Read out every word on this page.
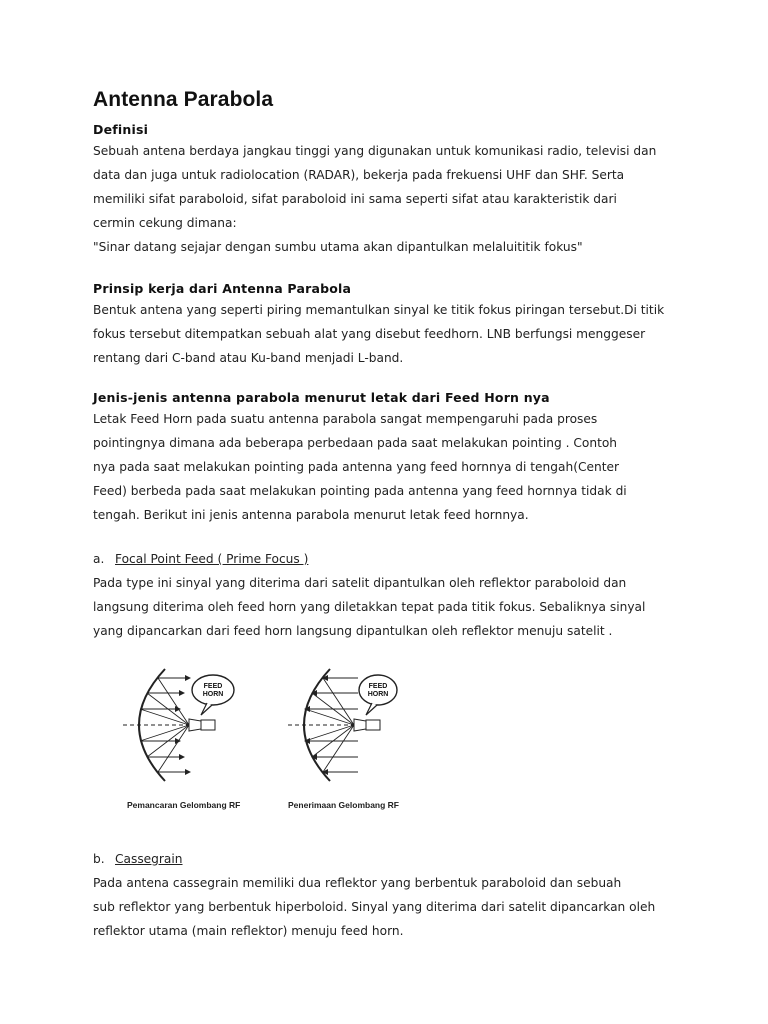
Antenna Parabola
Definisi

Sebuah antena berdaya jangkau tinggi yang digunakan untuk komunikasi radio, televisi dan

data dan juga untuk radiolocation (RADAR), bekerja pada frekuensi UHF dan SHF. Serta

memiliki sifat paraboloid, sifat paraboloid ini sama seperti sifat atau karakteristik dari

cermin cekung dimana:

"Sinar datang sejajar dengan sumbu utama akan dipantulkan melaluititik fokus"

Prinsip kerja dari Antenna Parabola

Bentuk antena yang seperti piring memantulkan sinyal ke titik fokus piringan tersebut.Di titik

fokus tersebut ditempatkan sebuah alat yang disebut feedhorn. LNB berfungsi menggeser

rentang dari C-band atau Ku-band menjadi L-band.

Jenis-jenis antenna parabola menurut letak dari Feed Horn nya

Letak Feed Horn pada suatu antenna parabola sangat mempengaruhi pada proses

pointingnya dimana ada beberapa perbedaan pada saat melakukan pointing . Contoh

nya pada saat melakukan pointing pada antenna yang feed hornnya di tengah(Center

Feed) berbeda pada saat melakukan pointing pada antenna yang feed hornnya tidak di

tengah. Berikut ini jenis antenna parabola menurut letak feed hornnya.

a. Focal Point Feed ( Prime Focus )

Pada type ini sinyal yang diterima dari satelit dipantulkan oleh reflektor paraboloid dan

langsung diterima oleh feed horn yang diletakkan tepat pada titik fokus. Sebaliknya sinyal

yang dipancarkan dari feed horn langsung dipantulkan oleh reflektor menuju satelit .

FEED
HORN
Pemancaran Gelombang RF
FEED
HORN
Penerimaan Gelombang RF
b. Cassegrain

Pada antena cassegrain memiliki dua reflektor yang berbentuk paraboloid dan sebuah

sub reflektor yang berbentuk hiperboloid. Sinyal yang diterima dari satelit dipancarkan oleh

reflektor utama (main reflektor) menuju feed horn.
